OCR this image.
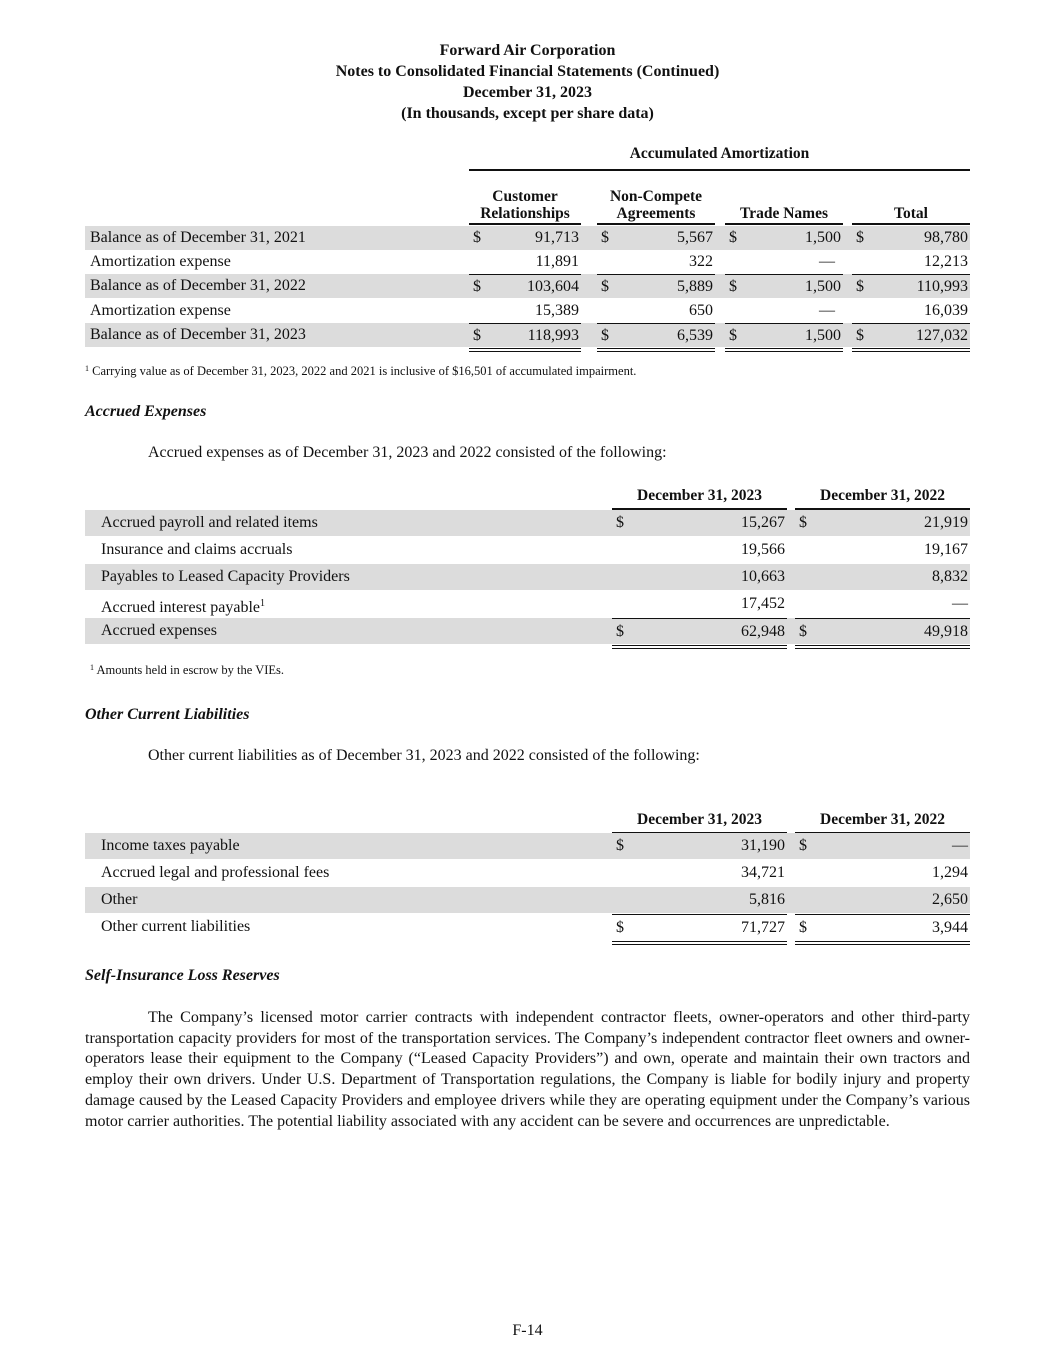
Forward Air Corporation
Notes to Consolidated Financial Statements (Continued)
December 31, 2023
(In thousands, except per share data)
Accumulated Amortization
Customer
Relationships
Non-Compete
Agreements	Trade Names	Total
Balance as of December 31, 2021	$	91,713 $	5,567 $	1,500 $	98,780
Amortization expense	11,891	322	—	12,213
Balance as of December 31, 2022	$	103,604 $	5,889 $	1,500 $	110,993
Amortization expense	15,389	650	—	16,039
Balance as of December 31, 2023	$	118,993 $	6,539 $	1,500 $	127,032
$^1$ Carrying value as of December 31, 2023, 2022 and 2021 is inclusive of $16,501 of accumulated impairment.
Accrued Expenses
Accrued expenses as of December 31, 2023 and 2022 consisted of the following:
December 31, 2023	December 31, 2022
Accrued payroll and related items	$	15,267 $	21,919
Insurance and claims accruals	19,566	19,167
Payables to Leased Capacity Providers	10,663	8,832
Accrued interest payable$^1$	17,452	—
Accrued expenses	$	62,948 $	49,918
$^1$ Amounts held in escrow by the VIEs.
Other Current Liabilities
Other current liabilities as of December 31, 2023 and 2022 consisted of the following:
December 31, 2023	December 31, 2022
Income taxes payable	$	31,190 $	—
Accrued legal and professional fees	34,721	1,294
Other	5,816	2,650
Other current liabilities	$	71,727 $	3,944
Self-Insurance Loss Reserves
The Company’s licensed motor carrier contracts with independent contractor fleets, owner-operators and other third-party transportation capacity providers for most of the transportation services. The Company’s independent contractor fleet owners and owner-operators lease their equipment to the Company (“Leased Capacity Providers”) and own, operate and maintain their own tractors and employ their own drivers. Under U.S. Department of Transportation regulations, the Company is liable for bodily injury and property damage caused by the Leased Capacity Providers and employee drivers while they are operating equipment under the Company’s various motor carrier authorities. The potential liability associated with any accident can be severe and occurrences are unpredictable.
F-14
